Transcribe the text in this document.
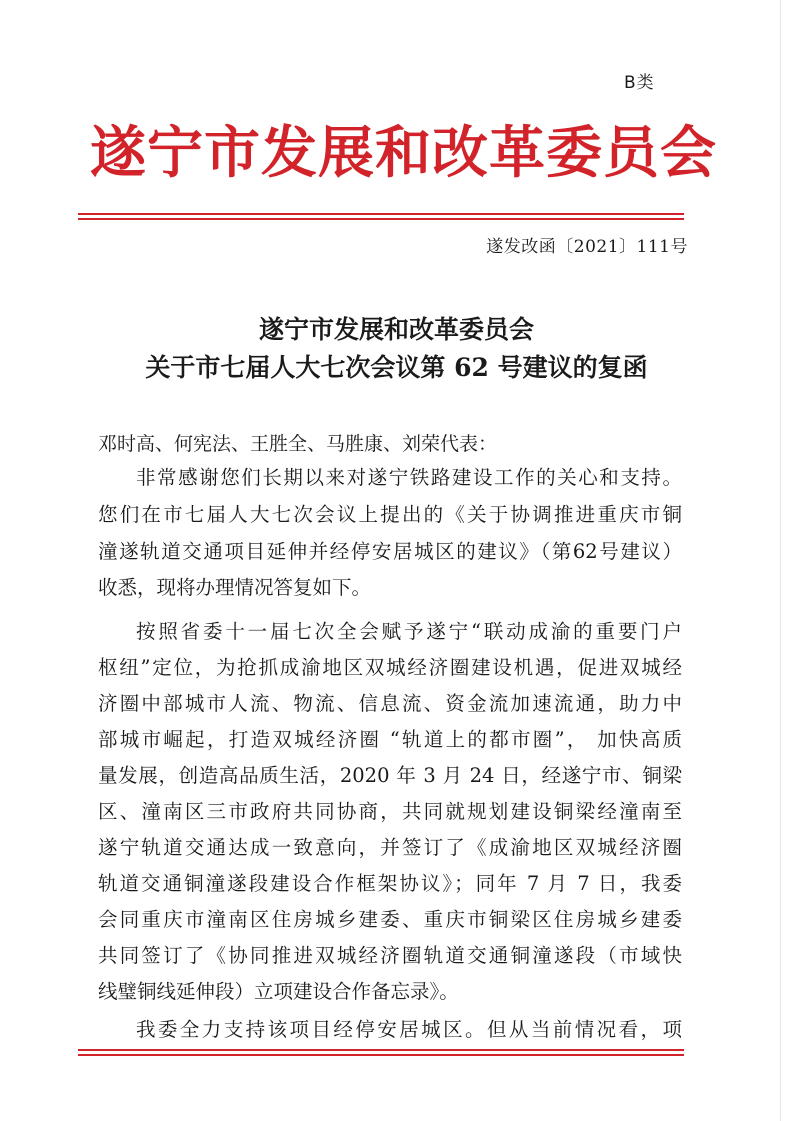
B类
遂宁市发展和改革委员会
遂发改函〔2021〕111号
遂宁市发展和改革委员会
关于市七届人大七次会议第 62 号建议的复函
邓时高、何宪法、王胜全、马胜康、刘荣代表：
非常感谢您们长期以来对遂宁铁路建设工作的关心和支持。
您们在市七届人大七次会议上提出的《关于协调推进重庆市铜
潼遂轨道交通项目延伸并经停安居城区的建议》（第62号建议）
收悉，现将办理情况答复如下。
按照省委十一届七次全会赋予遂宁“联动成渝的重要门户
枢纽”定位，为抢抓成渝地区双城经济圈建设机遇，促进双城经
济圈中部城市人流、物流、信息流、资金流加速流通，助力中
部城市崛起，打造双城经济圈 “轨道上的都市圈”， 加快高质
量发展，创造高品质生活，2020 年 3 月 24 日，经遂宁市、铜梁
区、潼南区三市政府共同协商，共同就规划建设铜梁经潼南至
遂宁轨道交通达成一致意向，并签订了《成渝地区双城经济圈
轨道交通铜潼遂段建设合作框架协议》；同年 7 月 7 日，我委
会同重庆市潼南区住房城乡建委、重庆市铜梁区住房城乡建委
共同签订了《协同推进双城经济圈轨道交通铜潼遂段（市域快
线璧铜线延伸段）立项建设合作备忘录》。
我委全力支持该项目经停安居城区。但从当前情况看，项
